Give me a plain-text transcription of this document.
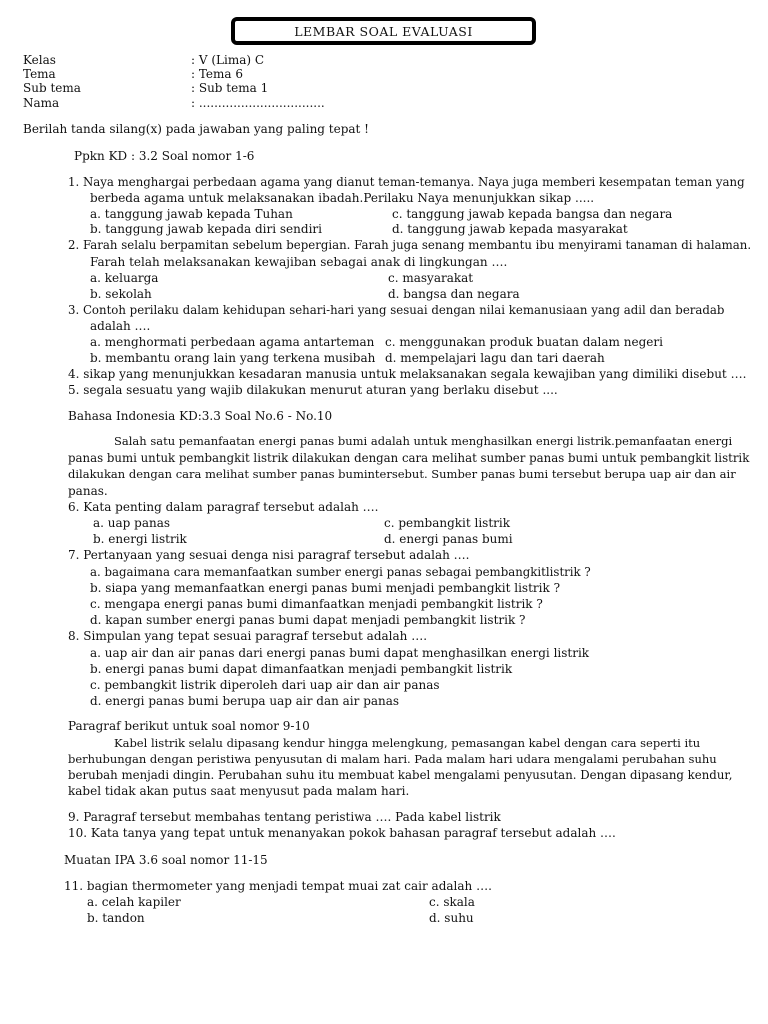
LEMBAR SOAL EVALUASI
Kelas	: V (Lima) C
Tema	: Tema 6
Sub tema	: Sub tema 1
Nama	: .................................
Berilah tanda silang(x) pada jawaban yang paling tepat !
Ppkn KD : 3.2 Soal nomor 1-6
1. Naya menghargai perbedaan agama yang dianut teman-temanya. Naya juga memberi kesempatan teman yang
berbeda agama untuk melaksanakan ibadah.Perilaku Naya menunjukkan sikap .....
a. tanggung jawab kepada Tuhan	c. tanggung jawab kepada bangsa dan negara
b. tanggung jawab kepada diri sendiri	d. tanggung jawab kepada masyarakat
2. Farah selalu berpamitan sebelum bepergian. Farah juga senang membantu ibu menyirami tanaman di halaman.
Farah telah melaksanakan kewajiban sebagai anak di lingkungan ….
a. keluarga	c. masyarakat
b. sekolah	d. bangsa dan negara
3. Contoh perilaku dalam kehidupan sehari-hari yang sesuai dengan nilai kemanusiaan yang adil dan beradab
adalah ….
a. menghormati perbedaan agama antarteman c. menggunakan produk buatan dalam negeri
b. membantu orang lain yang terkena musibah d. mempelajari lagu dan tari daerah
4. sikap yang menunjukkan kesadaran manusia untuk melaksanakan segala kewajiban yang dimiliki disebut ….
5. segala sesuatu yang wajib dilakukan menurut aturan yang berlaku disebut ....
Bahasa Indonesia KD:3.3 Soal No.6 - No.10
Salah satu pemanfaatan energi panas bumi adalah untuk menghasilkan energi listrik.pemanfaatan energi
panas bumi untuk pembangkit listrik dilakukan dengan cara melihat sumber panas bumi untuk pembangkit listrik
dilakukan dengan cara melihat sumber panas bumintersebut. Sumber panas bumi tersebut berupa uap air dan air
panas.
6. Kata penting dalam paragraf tersebut adalah ….
a. uap panas	c. pembangkit listrik
b. energi listrik	d. energi panas bumi
7. Pertanyaan yang sesuai denga nisi paragraf tersebut adalah ….
a. bagaimana cara memanfaatkan sumber energi panas sebagai pembangkitlistrik ?
b. siapa yang memanfaatkan energi panas bumi menjadi pembangkit listrik ?
c. mengapa energi panas bumi dimanfaatkan menjadi pembangkit listrik ?
d. kapan sumber energi panas bumi dapat menjadi pembangkit listrik ?
8. Simpulan yang tepat sesuai paragraf tersebut adalah ….
a. uap air dan air panas dari energi panas bumi dapat menghasilkan energi listrik
b. energi panas bumi dapat dimanfaatkan menjadi pembangkit listrik
c. pembangkit listrik diperoleh dari uap air dan air panas
d. energi panas bumi berupa uap air dan air panas
Paragraf berikut untuk soal nomor 9-10
Kabel listrik selalu dipasang kendur hingga melengkung, pemasangan kabel dengan cara seperti itu
berhubungan dengan peristiwa penyusutan di malam hari. Pada malam hari udara mengalami perubahan suhu
berubah menjadi dingin. Perubahan suhu itu membuat kabel mengalami penyusutan. Dengan dipasang kendur,
kabel tidak akan putus saat menyusut pada malam hari.
9. Paragraf tersebut membahas tentang peristiwa …. Pada kabel listrik
10. Kata tanya yang tepat untuk menanyakan pokok bahasan paragraf tersebut adalah ….
Muatan IPA 3.6 soal nomor 11-15
11. bagian thermometer yang menjadi tempat muai zat cair adalah ….
a. celah kapiler	c. skala
b. tandon	d. suhu
